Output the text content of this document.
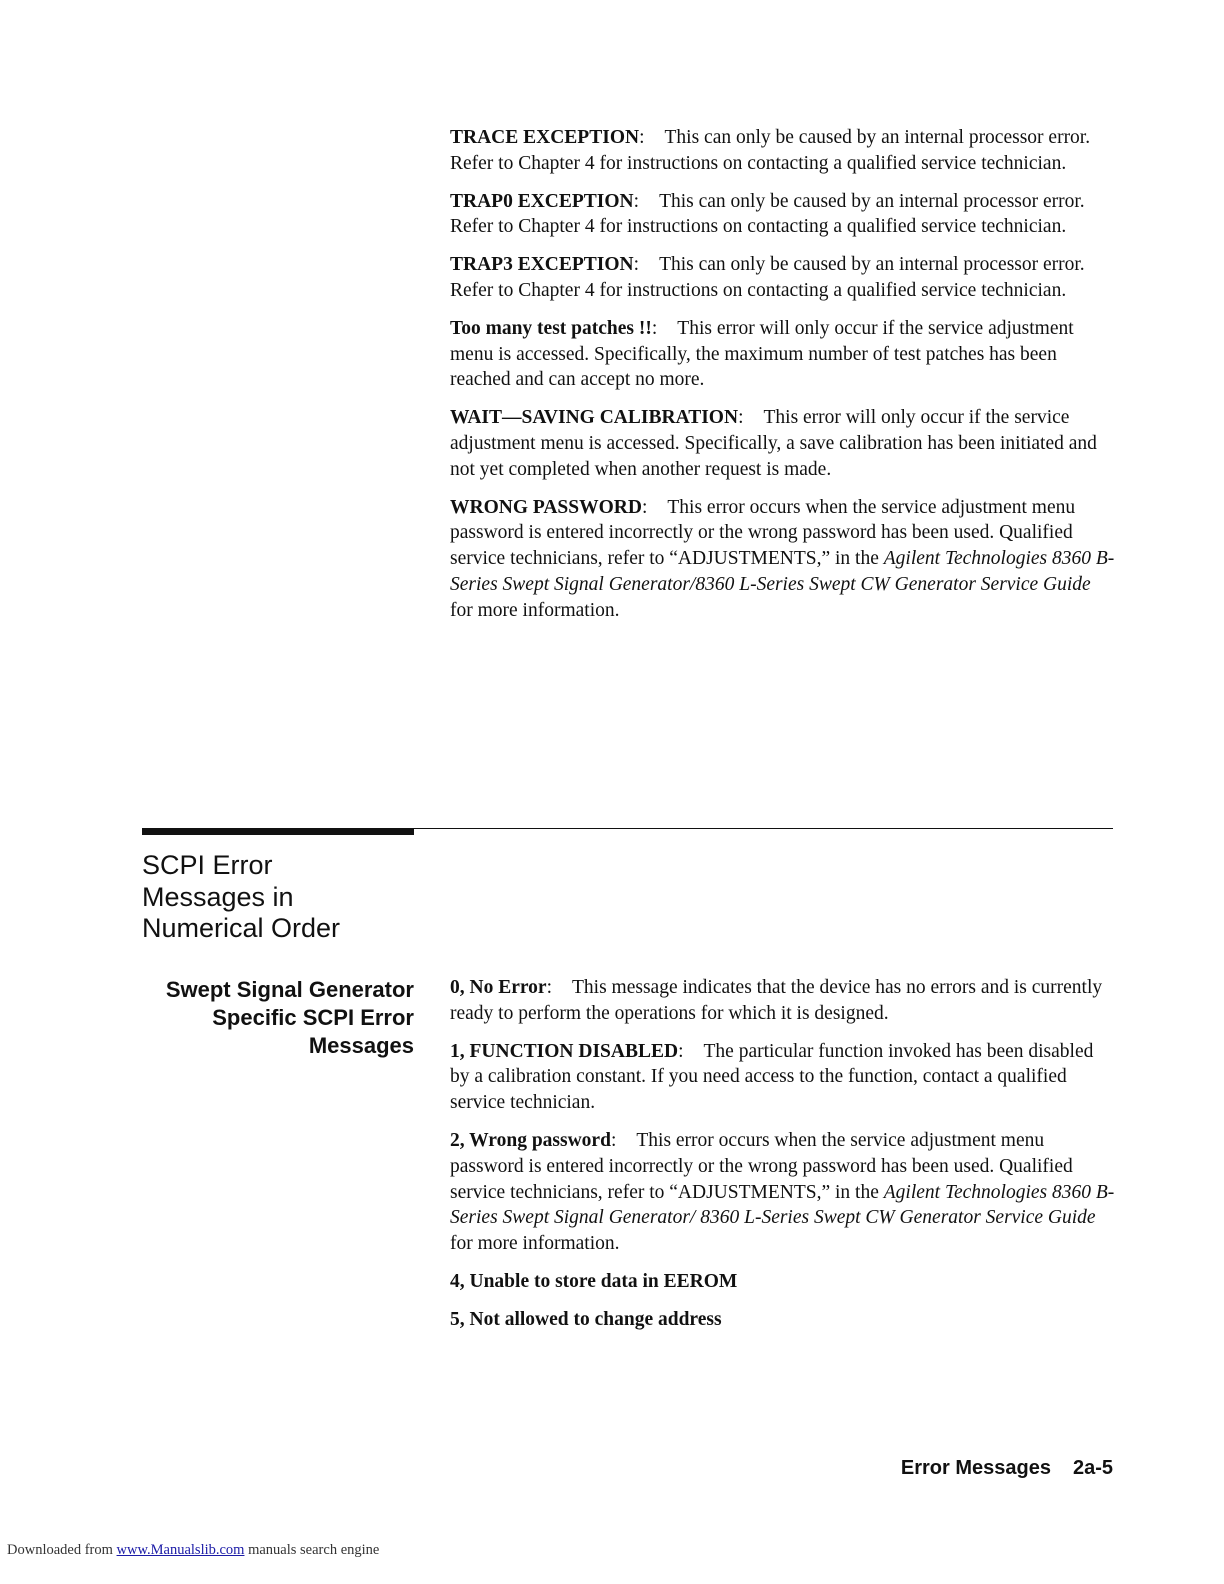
TRACE EXCEPTION: This can only be caused by an internal processor error. Refer to Chapter 4 for instructions on contacting a qualified service technician.

TRAP0 EXCEPTION: This can only be caused by an internal processor error. Refer to Chapter 4 for instructions on contacting a qualified service technician.

TRAP3 EXCEPTION: This can only be caused by an internal processor error. Refer to Chapter 4 for instructions on contacting a qualified service technician.

Too many test patches !!: This error will only occur if the service adjustment menu is accessed. Specifically, the maximum number of test patches has been reached and can accept no more.

WAIT—SAVING CALIBRATION: This error will only occur if the service adjustment menu is accessed. Specifically, a save calibration has been initiated and not yet completed when another request is made.

WRONG PASSWORD: This error occurs when the service adjustment menu password is entered incorrectly or the wrong password has been used. Qualified service technicians, refer to “ADJUSTMENTS,” in the Agilent Technologies 8360 B-Series Swept Signal Generator/8360 L-Series Swept CW Generator Service Guide for more information.

SCPI Error
Messages in
Numerical Order
Swept Signal Generator
Specific SCPI Error
Messages

0, No Error: This message indicates that the device has no errors and is currently ready to perform the operations for which it is designed.

1, FUNCTION DISABLED: The particular function invoked has been disabled by a calibration constant. If you need access to the function, contact a qualified service technician.

2, Wrong password: This error occurs when the service adjustment menu password is entered incorrectly or the wrong password has been used. Qualified service technicians, refer to “ADJUSTMENTS,” in the Agilent Technologies 8360 B-Series Swept Signal Generator/ 8360 L-Series Swept CW Generator Service Guide for more information.

4, Unable to store data in EEROM

5, Not allowed to change address

Error Messages 2a-5
Downloaded from www.Manualslib.com manuals search engine
